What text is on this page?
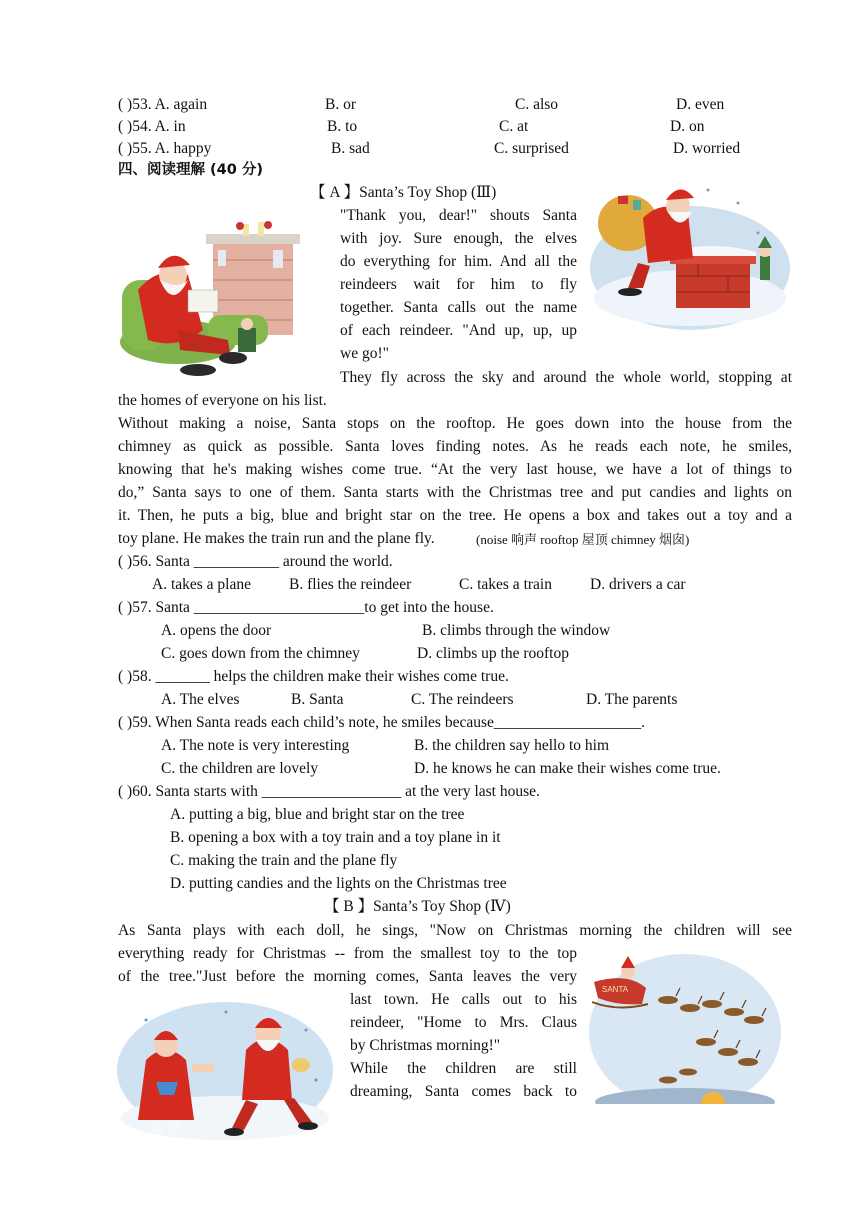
( )53. A. again	B. or	C. also	D. even
( )54. A. in	B. to	C. at	D. on
( )55. A. happy	B. sad	C. surprised	D. worried
四、阅读理解 (40 分)
【 A 】Santa’s Toy Shop (Ⅲ)
"Thank you, dear!" shouts Santa
with joy. Sure enough, the elves
do everything for him. And all the
reindeers wait for him to fly
together. Santa calls out the name
of each reindeer. "And up, up, up
we go!"
They fly across the sky and around the whole world, stopping at
the homes of everyone on his list.
Without making a noise, Santa stops on the rooftop. He goes down into the house from the
chimney as quick as possible. Santa loves finding notes. As he reads each note, he smiles,
knowing that he's making wishes come true. “At the very last house, we have a lot of things to
do,” Santa says to one of them. Santa starts with the Christmas tree and put candies and lights on
it. Then, he puts a big, blue and bright star on the tree. He opens a box and takes out a toy and a
toy plane. He makes the train run and the plane fly.	(noise 响声 rooftop 屋顶 chimney 烟囱)
( )56. Santa ___________ around the world.
A. takes a plane B. flies the reindeer	C. takes a train D. drivers a car
( )57. Santa ______________________to get into the house.
A. opens the door	B. climbs through the window
C. goes down from the chimney	D. climbs up the rooftop
( )58. _______ helps the children make their wishes come true.
A. The elves	B. Santa	C. The reindeers	D. The parents
( )59. When Santa reads each child’s note, he smiles because___________________.
A. The note is very interesting	B. the children say hello to him
C. the children are lovely	D. he knows he can make their wishes come true.
( )60. Santa starts with __________________ at the very last house.
A. putting a big, blue and bright star on the tree
B. opening a box with a toy train and a toy plane in it
C. making the train and the plane fly
D. putting candies and the lights on the Christmas tree
【 B 】Santa’s Toy Shop (Ⅳ)
As Santa plays with each doll, he sings, "Now on Christmas morning the children will see
everything ready for Christmas -- from the smallest toy to the top
of the tree."Just before the morning comes, Santa leaves the very
last town. He calls out to his
reindeer, "Home to Mrs. Claus
by Christmas morning!"
While the children are still
dreaming, Santa comes back to
SANTA
